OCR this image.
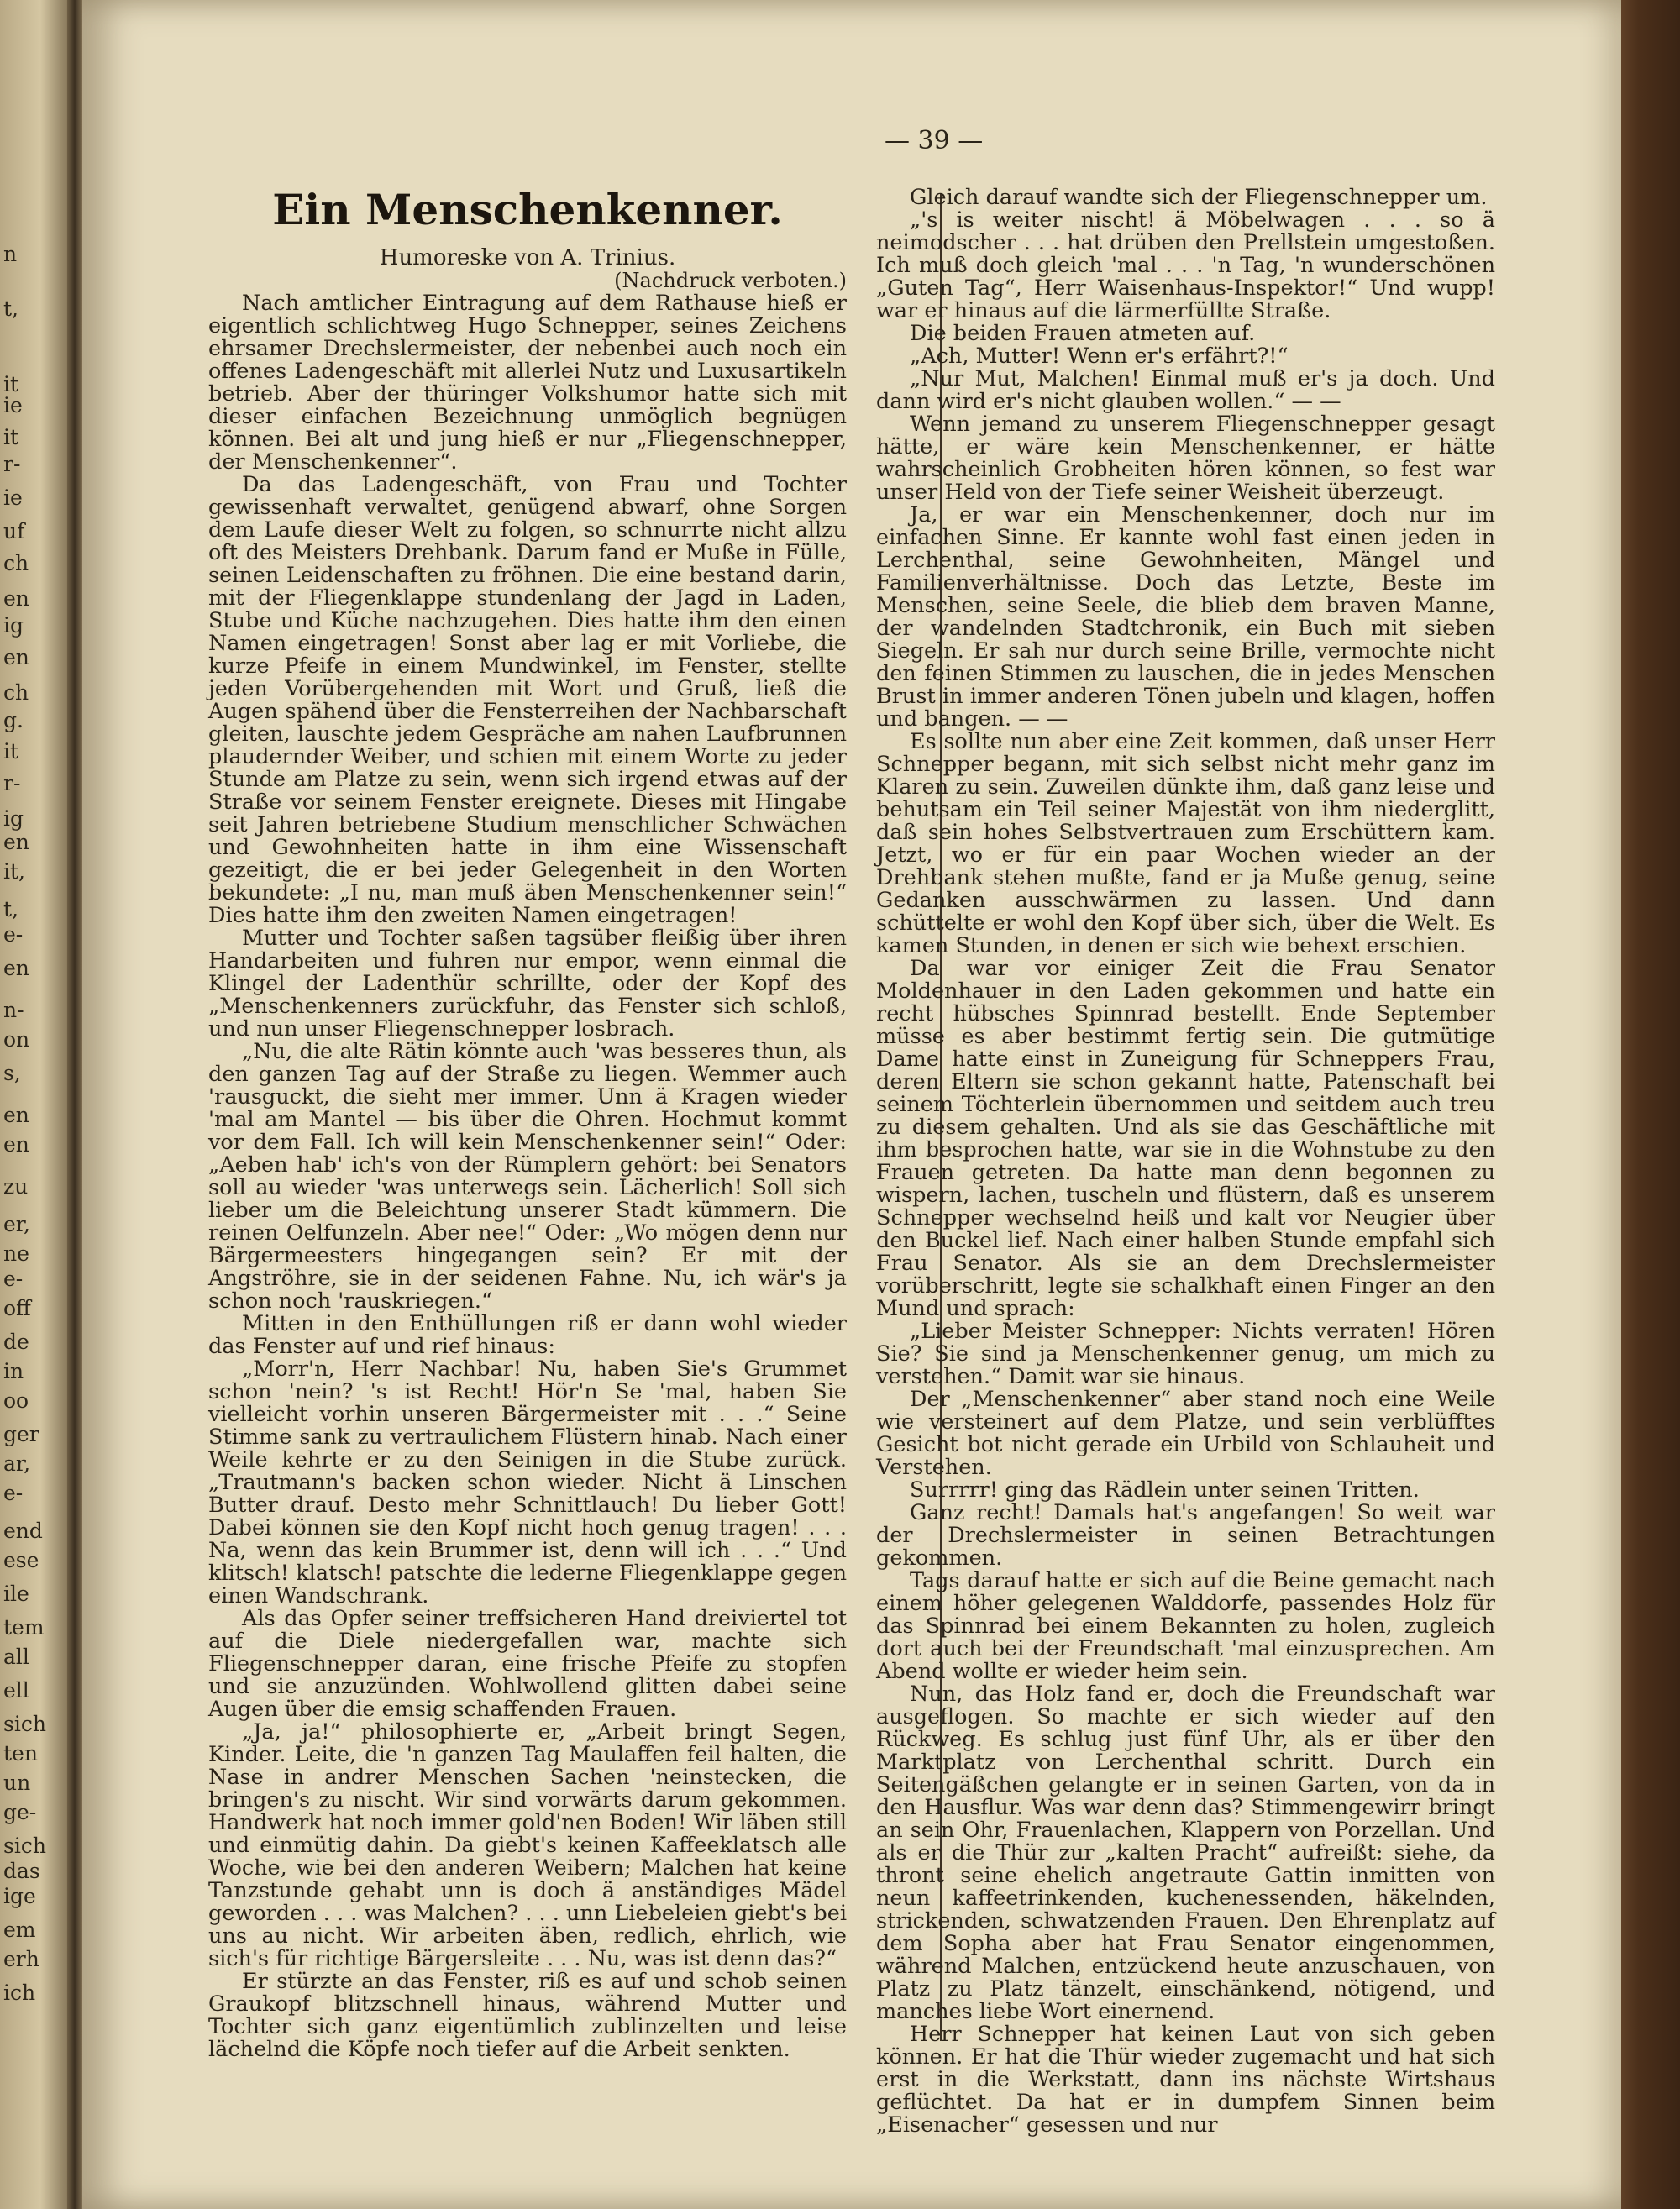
n
t,
it
ie
it
r-
ie
uf
ch
en
ig
en
ch
g.
it
r-
ig
en
it,
t,
e-
en
n-
on
s,
en
en
zu
er,
ne
e-
off
de
in
oo
ger
ar,
e-
end
ese
ile
tem
all
ell
sich
ten
un
ge-
sich
das
ige
em
erh
ich

— 39 —

Ein Menschenkenner.

Humoreske von A. Trinius.

(Nachdruck verboten.)

Nach amtlicher Eintragung auf dem Rathause hieß er eigentlich schlichtweg Hugo Schnepper, seines Zeichens ehrsamer Drechslermeister, der nebenbei auch noch ein offenes Ladengeschäft mit allerlei Nutz und Luxusartikeln betrieb. Aber der thüringer Volkshumor hatte sich mit dieser einfachen Bezeichnung unmöglich begnügen können. Bei alt und jung hieß er nur „Fliegenschnepper, der Menschenkenner“.

Da das Ladengeschäft, von Frau und Tochter gewissenhaft verwaltet, genügend abwarf, ohne Sorgen dem Laufe dieser Welt zu folgen, so schnurrte nicht allzu oft des Meisters Drehbank. Darum fand er Muße in Fülle, seinen Leidenschaften zu fröhnen. Die eine bestand darin, mit der Fliegenklappe stundenlang der Jagd in Laden, Stube und Küche nachzugehen. Dies hatte ihm den einen Namen eingetragen! Sonst aber lag er mit Vorliebe, die kurze Pfeife in einem Mundwinkel, im Fenster, stellte jeden Vorübergehenden mit Wort und Gruß, ließ die Augen spähend über die Fensterreihen der Nachbarschaft gleiten, lauschte jedem Gespräche am nahen Laufbrunnen plaudernder Weiber, und schien mit einem Worte zu jeder Stunde am Platze zu sein, wenn sich irgend etwas auf der Straße vor seinem Fenster ereignete. Dieses mit Hingabe seit Jahren betriebene Studium menschlicher Schwächen und Gewohnheiten hatte in ihm eine Wissenschaft gezeitigt, die er bei jeder Gelegenheit in den Worten bekundete: „I nu, man muß äben Menschenkenner sein!“ Dies hatte ihm den zweiten Namen eingetragen!

Mutter und Tochter saßen tagsüber fleißig über ihren Handarbeiten und fuhren nur empor, wenn einmal die Klingel der Ladenthür schrillte, oder der Kopf des „Menschenkenners zurückfuhr, das Fenster sich schloß, und nun unser Fliegenschnepper losbrach.

„Nu, die alte Rätin könnte auch 'was besseres thun, als den ganzen Tag auf der Straße zu liegen. Wemmer auch 'rausguckt, die sieht mer immer. Unn ä Kragen wieder 'mal am Mantel — bis über die Ohren. Hochmut kommt vor dem Fall. Ich will kein Menschenkenner sein!“ Oder: „Aeben hab' ich's von der Rümplern gehört: bei Senators soll au wieder 'was unterwegs sein. Lächerlich! Soll sich lieber um die Beleichtung unserer Stadt kümmern. Die reinen Oelfunzeln. Aber nee!“ Oder: „Wo mögen denn nur Bärgermeesters hingegangen sein? Er mit der Angströhre, sie in der seidenen Fahne. Nu, ich wär's ja schon noch 'rauskriegen.“

Mitten in den Enthüllungen riß er dann wohl wieder das Fenster auf und rief hinaus:

„Morr'n, Herr Nachbar! Nu, haben Sie's Grummet schon 'nein? 's ist Recht! Hör'n Se 'mal, haben Sie vielleicht vorhin unseren Bärgermeister mit . . .“ Seine Stimme sank zu vertraulichem Flüstern hinab. Nach einer Weile kehrte er zu den Seinigen in die Stube zurück. „Trautmann's backen schon wieder. Nicht ä Linschen Butter drauf. Desto mehr Schnittlauch! Du lieber Gott! Dabei können sie den Kopf nicht hoch genug tragen! . . . Na, wenn das kein Brummer ist, denn will ich . . .“ Und klitsch! klatsch! patschte die lederne Fliegenklappe gegen einen Wandschrank.

Als das Opfer seiner treffsicheren Hand dreiviertel tot auf die Diele niedergefallen war, machte sich Fliegenschnepper daran, eine frische Pfeife zu stopfen und sie anzuzünden. Wohlwollend glitten dabei seine Augen über die emsig schaffenden Frauen.

„Ja, ja!“ philosophierte er, „Arbeit bringt Segen, Kinder. Leite, die 'n ganzen Tag Maulaffen feil halten, die Nase in andrer Menschen Sachen 'neinstecken, die bringen's zu nischt. Wir sind vorwärts darum gekommen. Handwerk hat noch immer gold'nen Boden! Wir läben still und einmütig dahin. Da giebt's keinen Kaffeeklatsch alle Woche, wie bei den anderen Weibern; Malchen hat keine Tanzstunde gehabt unn is doch ä anständiges Mädel geworden . . . was Malchen? . . . unn Liebeleien giebt's bei uns au nicht. Wir arbeiten äben, redlich, ehrlich, wie sich's für richtige Bärgersleite . . . Nu, was ist denn das?“

Er stürzte an das Fenster, riß es auf und schob seinen Graukopf blitzschnell hinaus, während Mutter und Tochter sich ganz eigentümlich zublinzelten und leise lächelnd die Köpfe noch tiefer auf die Arbeit senkten.

Gleich darauf wandte sich der Fliegenschnepper um.

„'s is weiter nischt! ä Möbelwagen . . . so ä neimodscher . . . hat drüben den Prellstein umgestoßen. Ich muß doch gleich 'mal . . . 'n Tag, 'n wunderschönen „Guten Tag“, Herr Waisenhaus-Inspektor!“ Und wupp! war er hinaus auf die lärmerfüllte Straße.

Die beiden Frauen atmeten auf.

„Ach, Mutter! Wenn er's erfährt?!“

„Nur Mut, Malchen! Einmal muß er's ja doch. Und dann wird er's nicht glauben wollen.“ — —

Wenn jemand zu unserem Fliegenschnepper gesagt hätte, er wäre kein Menschenkenner, er hätte wahrscheinlich Grobheiten hören können, so fest war unser Held von der Tiefe seiner Weisheit überzeugt.

Ja, er war ein Menschenkenner, doch nur im einfachen Sinne. Er kannte wohl fast einen jeden in Lerchenthal, seine Gewohnheiten, Mängel und Familienverhältnisse. Doch das Letzte, Beste im Menschen, seine Seele, die blieb dem braven Manne, der wandelnden Stadtchronik, ein Buch mit sieben Siegeln. Er sah nur durch seine Brille, vermochte nicht den feinen Stimmen zu lauschen, die in jedes Menschen Brust in immer anderen Tönen jubeln und klagen, hoffen und bangen. — —

Es sollte nun aber eine Zeit kommen, daß unser Herr Schnepper begann, mit sich selbst nicht mehr ganz im Klaren zu sein. Zuweilen dünkte ihm, daß ganz leise und behutsam ein Teil seiner Majestät von ihm niederglitt, daß sein hohes Selbstvertrauen zum Erschüttern kam. Jetzt, wo er für ein paar Wochen wieder an der Drehbank stehen mußte, fand er ja Muße genug, seine Gedanken ausschwärmen zu lassen. Und dann schüttelte er wohl den Kopf über sich, über die Welt. Es kamen Stunden, in denen er sich wie behext erschien.

Da war vor einiger Zeit die Frau Senator Moldenhauer in den Laden gekommen und hatte ein recht hübsches Spinnrad bestellt. Ende September müsse es aber bestimmt fertig sein. Die gutmütige Dame hatte einst in Zuneigung für Schneppers Frau, deren Eltern sie schon gekannt hatte, Patenschaft bei seinem Töchterlein übernommen und seitdem auch treu zu diesem gehalten. Und als sie das Geschäftliche mit ihm besprochen hatte, war sie in die Wohnstube zu den Frauen getreten. Da hatte man denn begonnen zu wispern, lachen, tuscheln und flüstern, daß es unserem Schnepper wechselnd heiß und kalt vor Neugier über den Buckel lief. Nach einer halben Stunde empfahl sich Frau Senator. Als sie an dem Drechslermeister vorüberschritt, legte sie schalkhaft einen Finger an den Mund und sprach:

„Lieber Meister Schnepper: Nichts verraten! Hören Sie? Sie sind ja Menschenkenner genug, um mich zu verstehen.“ Damit war sie hinaus.

Der „Menschenkenner“ aber stand noch eine Weile wie versteinert auf dem Platze, und sein verblüfftes Gesicht bot nicht gerade ein Urbild von Schlauheit und Verstehen.

Surrrrr! ging das Rädlein unter seinen Tritten.

Ganz recht! Damals hat's angefangen! So weit war der Drechslermeister in seinen Betrachtungen gekommen.

Tags darauf hatte er sich auf die Beine gemacht nach einem höher gelegenen Walddorfe, passendes Holz für das Spinnrad bei einem Bekannten zu holen, zugleich dort auch bei der Freundschaft 'mal einzusprechen. Am Abend wollte er wieder heim sein.

Nun, das Holz fand er, doch die Freundschaft war ausgeflogen. So machte er sich wieder auf den Rückweg. Es schlug just fünf Uhr, als er über den Marktplatz von Lerchenthal schritt. Durch ein Seitengäßchen gelangte er in seinen Garten, von da in den Hausflur. Was war denn das? Stimmengewirr bringt an sein Ohr, Frauenlachen, Klappern von Porzellan. Und als er die Thür zur „kalten Pracht“ aufreißt: siehe, da thront seine ehelich angetraute Gattin inmitten von neun kaffeetrinkenden, kuchenessenden, häkelnden, strickenden, schwatzenden Frauen. Den Ehrenplatz auf dem Sopha aber hat Frau Senator eingenommen, während Malchen, entzückend heute anzuschauen, von Platz zu Platz tänzelt, einschänkend, nötigend, und manches liebe Wort einernend.

Herr Schnepper hat keinen Laut von sich geben können. Er hat die Thür wieder zugemacht und hat sich erst in die Werkstatt, dann ins nächste Wirtshaus geflüchtet. Da hat er in dumpfem Sinnen beim „Eisenacher“ gesessen und nur
